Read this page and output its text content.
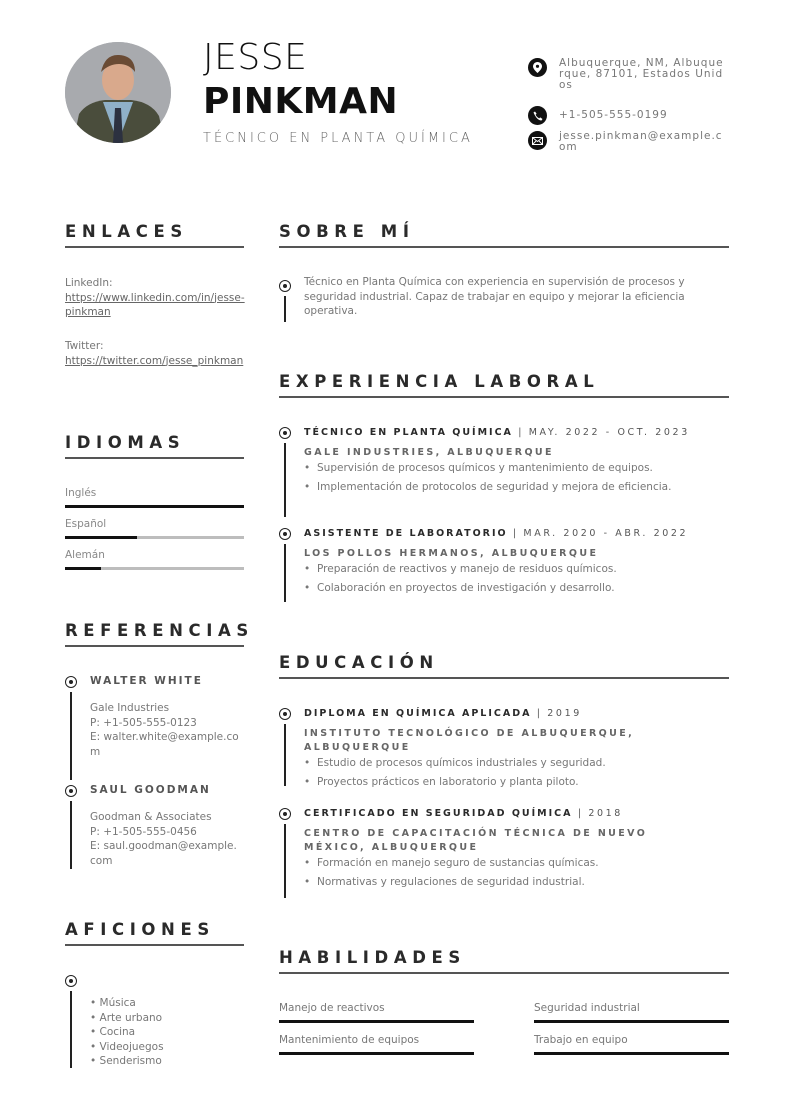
JESSE
PINKMAN
TÉCNICO EN PLANTA QUÍMICA
Albuquerque, NM, Albuquerque, 87101, Estados Unidos
+1-505-555-0199
jesse.pinkman@example.com
ENLACES
LinkedIn:
https://www.linkedin.com/in/jesse-pinkman
Twitter:
https://twitter.com/jesse_pinkman
IDIOMAS
Inglés
Español
Alemán
REFERENCIAS
WALTER WHITE
Gale Industries
P: +1-505-555-0123
E: walter.white@example.com
SAUL GOODMAN
Goodman & Associates
P: +1-505-555-0456
E: saul.goodman@example.com
AFICIONES
• Música
• Arte urbano
• Cocina
• Videojuegos
• Senderismo
SOBRE MÍ
Técnico en Planta Química con experiencia en supervisión de procesos y seguridad industrial. Capaz de trabajar en equipo y mejorar la eficiencia operativa.
EXPERIENCIA LABORAL
TÉCNICO EN PLANTA QUÍMICA | MAY. 2022 - OCT. 2023
GALE INDUSTRIES, ALBUQUERQUE
• Supervisión de procesos químicos y mantenimiento de equipos.
• Implementación de protocolos de seguridad y mejora de eficiencia.
ASISTENTE DE LABORATORIO | MAR. 2020 - ABR. 2022
LOS POLLOS HERMANOS, ALBUQUERQUE
• Preparación de reactivos y manejo de residuos químicos.
• Colaboración en proyectos de investigación y desarrollo.
EDUCACIÓN
DIPLOMA EN QUÍMICA APLICADA | 2019
INSTITUTO TECNOLÓGICO DE ALBUQUERQUE, ALBUQUERQUE
• Estudio de procesos químicos industriales y seguridad.
• Proyectos prácticos en laboratorio y planta piloto.
CERTIFICADO EN SEGURIDAD QUÍMICA | 2018
CENTRO DE CAPACITACIÓN TÉCNICA DE NUEVO MÉXICO, ALBUQUERQUE
• Formación en manejo seguro de sustancias químicas.
• Normativas y regulaciones de seguridad industrial.
HABILIDADES
Manejo de reactivos	Seguridad industrial
Mantenimiento de equipos	Trabajo en equipo
